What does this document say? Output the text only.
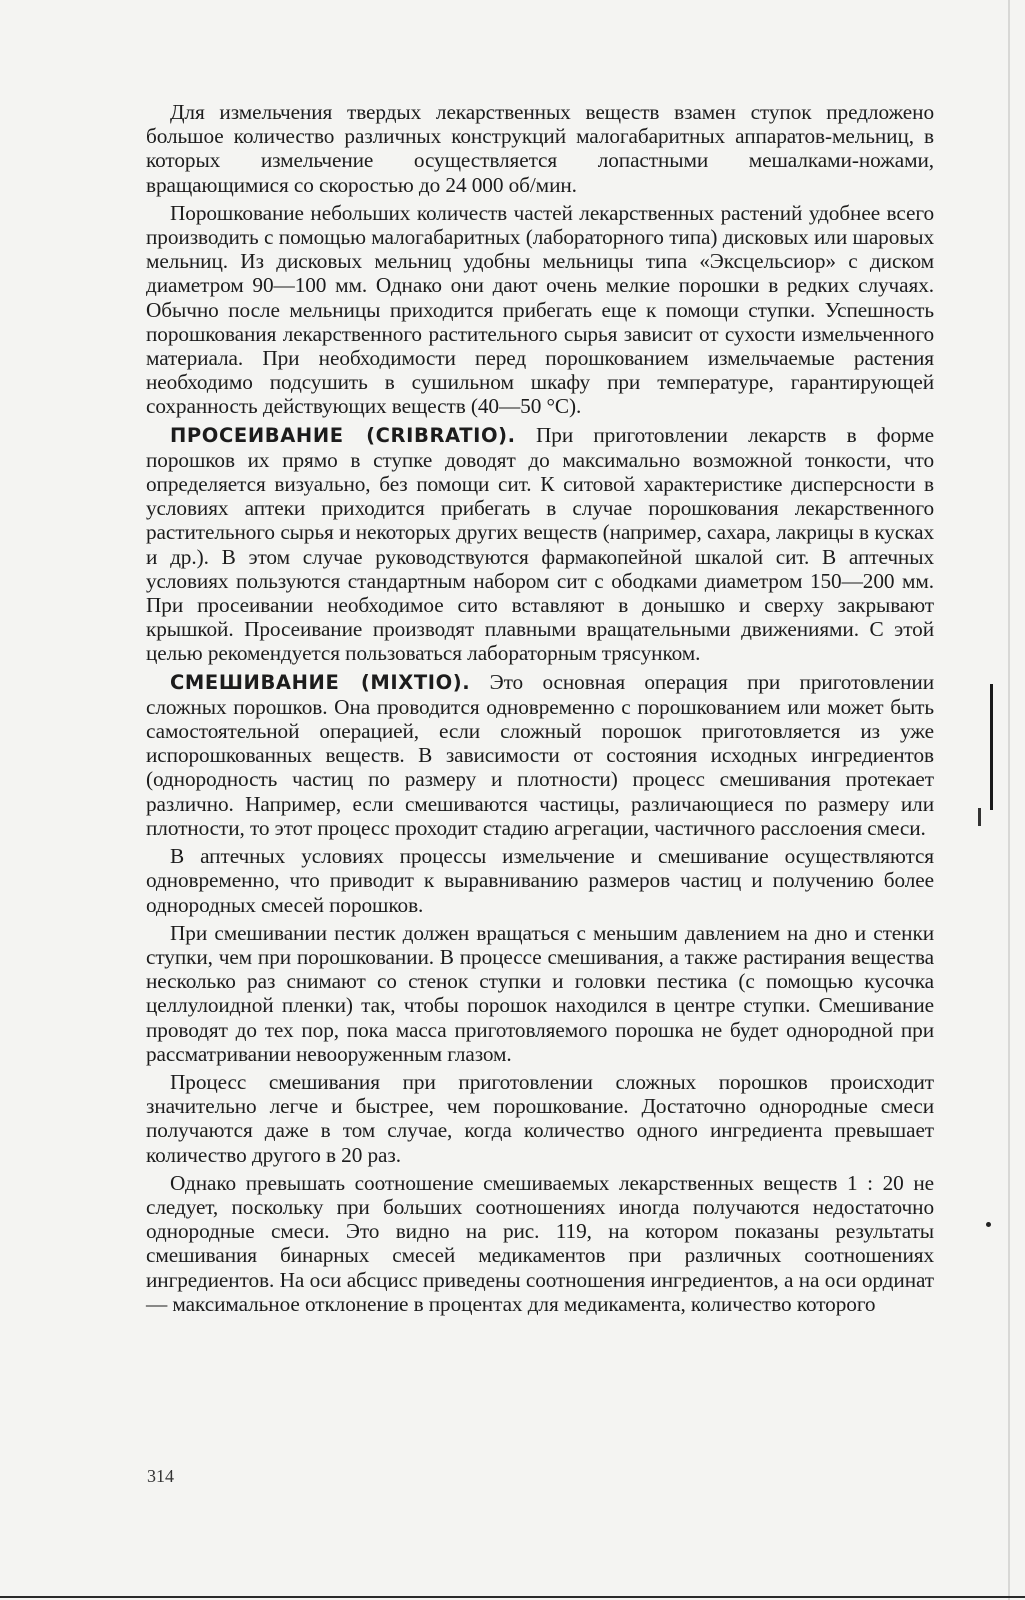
Для измельчения твердых лекарственных веществ взамен ступок предложено большое количество различных конструкций малогабаритных аппаратов-мельниц, в которых измельчение осуществляется лопастными мешалками-ножами, вращающимися со скоростью до 24 000 об/мин.

Порошкование небольших количеств частей лекарственных растений удобнее всего производить с помощью малогабаритных (лабораторного типа) дисковых или шаровых мельниц. Из дисковых мельниц удобны мельницы типа «Эксцельсиор» с диском диаметром 90—100 мм. Однако они дают очень мелкие порошки в редких случаях. Обычно после мельницы приходится прибегать еще к помощи ступки. Успешность порошкования лекарственного растительного сырья зависит от сухости измельченного материала. При необходимости перед порошкованием измельчаемые растения необходимо подсушить в сушильном шкафу при температуре, гарантирующей сохранность действующих веществ (40—50 °С).

ПРОСЕИВАНИЕ (CRIBRATIO). При приготовлении лекарств в форме порошков их прямо в ступке доводят до максимально возможной тонкости, что определяется визуально, без помощи сит. К ситовой характеристике дисперсности в условиях аптеки приходится прибегать в случае порошкования лекарственного растительного сырья и некоторых других веществ (например, сахара, лакрицы в кусках и др.). В этом случае руководствуются фармакопейной шкалой сит. В аптечных условиях пользуются стандартным набором сит с ободками диаметром 150—200 мм. При просеивании необходимое сито вставляют в донышко и сверху закрывают крышкой. Просеивание производят плавными вращательными движениями. С этой целью рекомендуется пользоваться лабораторным трясунком.

СМЕШИВАНИЕ (MIXTIO). Это основная операция при приготовлении сложных порошков. Она проводится одновременно с порошкованием или может быть самостоятельной операцией, если сложный порошок приготовляется из уже испорошкованных веществ. В зависимости от состояния исходных ингредиентов (однородность частиц по размеру и плотности) процесс смешивания протекает различно. Например, если смешиваются частицы, различающиеся по размеру или плотности, то этот процесс проходит стадию агрегации, частичного расслоения смеси.

В аптечных условиях процессы измельчение и смешивание осуществляются одновременно, что приводит к выравниванию размеров частиц и получению более однородных смесей порошков.

При смешивании пестик должен вращаться с меньшим давлением на дно и стенки ступки, чем при порошковании. В процессе смешивания, а также растирания вещества несколько раз снимают со стенок ступки и головки пестика (с помощью кусочка целлулоидной пленки) так, чтобы порошок находился в центре ступки. Смешивание проводят до тех пор, пока масса приготовляемого порошка не будет однородной при рассматривании невооруженным глазом.

Процесс смешивания при приготовлении сложных порошков происходит значительно легче и быстрее, чем порошкование. Достаточно однородные смеси получаются даже в том случае, когда количество одного ингредиента превышает количество другого в 20 раз.

Однако превышать соотношение смешиваемых лекарственных веществ 1 : 20 не следует, поскольку при больших соотношениях иногда получаются недостаточно однородные смеси. Это видно на рис. 119, на котором показаны результаты смешивания бинарных смесей медикаментов при различных соотношениях ингредиентов. На оси абсцисс приведены соотношения ингредиентов, а на оси ординат — максимальное отклонение в процентах для медикамента, количество которого

314
